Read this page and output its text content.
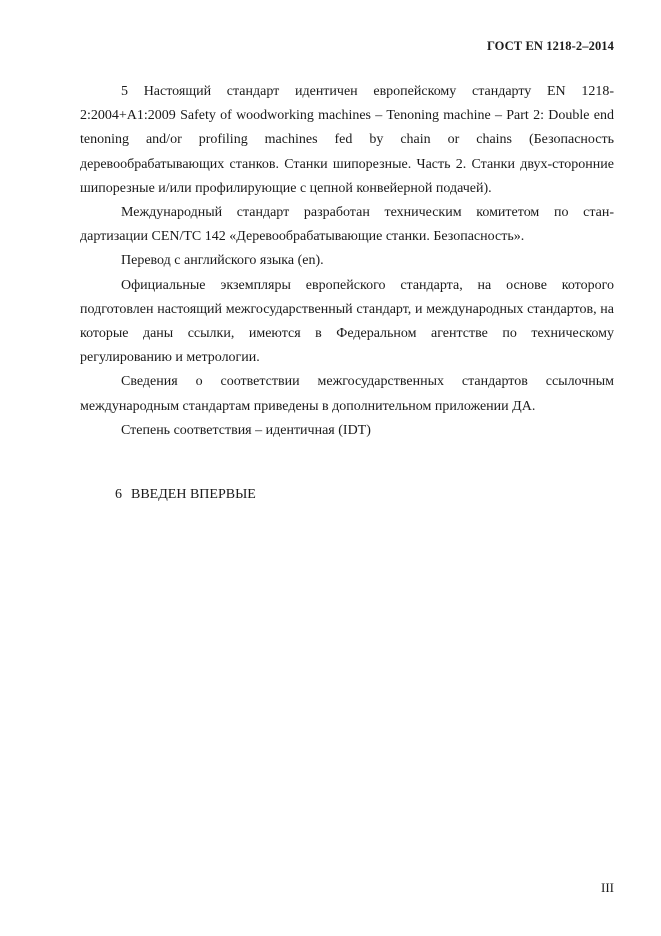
ГОСТ EN 1218-2–2014

5 Настоящий стандарт идентичен европейскому стандарту EN 1218-2:2004+A1:2009 Safety of woodworking machines – Tenoning machine – Part 2: Double end tenoning and/or profiling machines fed by chain or chains (Безопасность деревообрабатывающих станков. Станки шипорезные. Часть 2. Станки двух-сторонние шипорезные и/или профилирующие с цепной конвейерной подачей).

Международный стандарт разработан техническим комитетом по стан-дартизации CEN/TC 142 «Деревообрабатывающие станки. Безопасность».

Перевод с английского языка (en).

Официальные экземпляры европейского стандарта, на основе которого подготовлен настоящий межгосударственный стандарт, и международных стандартов, на которые даны ссылки, имеются в Федеральном агентстве по техническому регулированию и метрологии.

Сведения о соответствии межгосударственных стандартов ссылочным международным стандартам приведены в дополнительном приложении ДА.

Степень соответствия – идентичная (IDT)

6 ВВЕДЕН ВПЕРВЫЕ
III
